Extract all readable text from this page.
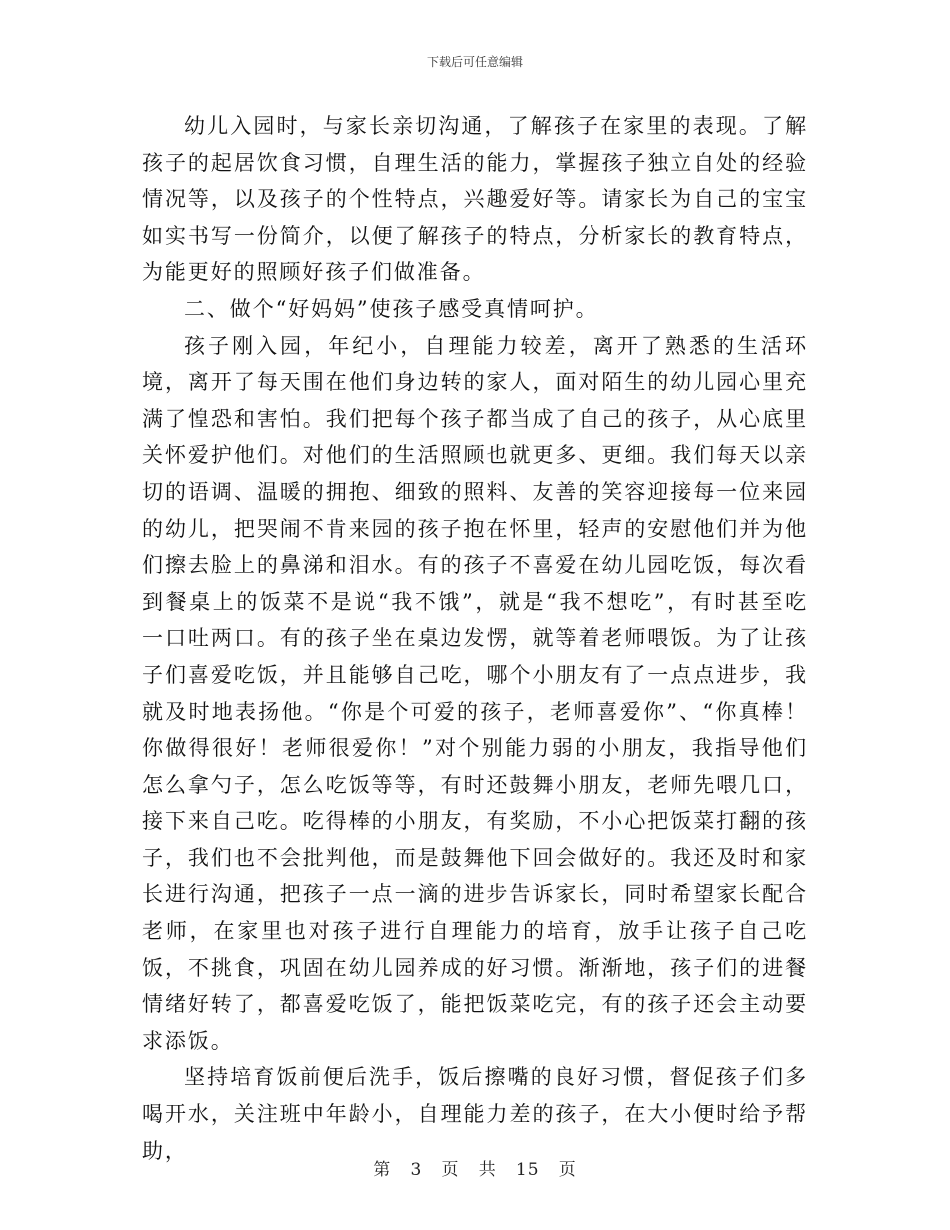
下载后可任意编辑

幼儿入园时，与家长亲切沟通，了解孩子在家里的表现。了解孩子的起居饮食习惯，自理生活的能力，掌握孩子独立自处的经验情况等，以及孩子的个性特点，兴趣爱好等。请家长为自己的宝宝如实书写一份简介，以便了解孩子的特点，分析家长的教育特点，为能更好的照顾好孩子们做准备。

二、做个“好妈妈”使孩子感受真情呵护。

孩子刚入园，年纪小，自理能力较差，离开了熟悉的生活环境，离开了每天围在他们身边转的家人，面对陌生的幼儿园心里充满了惶恐和害怕。我们把每个孩子都当成了自己的孩子，从心底里关怀爱护他们。对他们的生活照顾也就更多、更细。我们每天以亲切的语调、温暖的拥抱、细致的照料、友善的笑容迎接每一位来园的幼儿，把哭闹不肯来园的孩子抱在怀里，轻声的安慰他们并为他们擦去脸上的鼻涕和泪水。有的孩子不喜爱在幼儿园吃饭，每次看到餐桌上的饭菜不是说“我不饿”，就是“我不想吃”，有时甚至吃一口吐两口。有的孩子坐在桌边发愣，就等着老师喂饭。为了让孩子们喜爱吃饭，并且能够自己吃，哪个小朋友有了一点点进步，我就及时地表扬他。“你是个可爱的孩子，老师喜爱你”、“你真棒！你做得很好！老师很爱你！”对个别能力弱的小朋友，我指导他们怎么拿勺子，怎么吃饭等等，有时还鼓舞小朋友，老师先喂几口，接下来自己吃。吃得棒的小朋友，有奖励，不小心把饭菜打翻的孩子，我们也不会批判他，而是鼓舞他下回会做好的。我还及时和家长进行沟通，把孩子一点一滴的进步告诉家长，同时希望家长配合老师，在家里也对孩子进行自理能力的培育，放手让孩子自己吃饭，不挑食，巩固在幼儿园养成的好习惯。渐渐地，孩子们的进餐情绪好转了，都喜爱吃饭了，能把饭菜吃完，有的孩子还会主动要求添饭。

坚持培育饭前便后洗手，饭后擦嘴的良好习惯，督促孩子们多喝开水，关注班中年龄小，自理能力差的孩子，在大小便时给予帮助，

第 3 页 共 15 页
